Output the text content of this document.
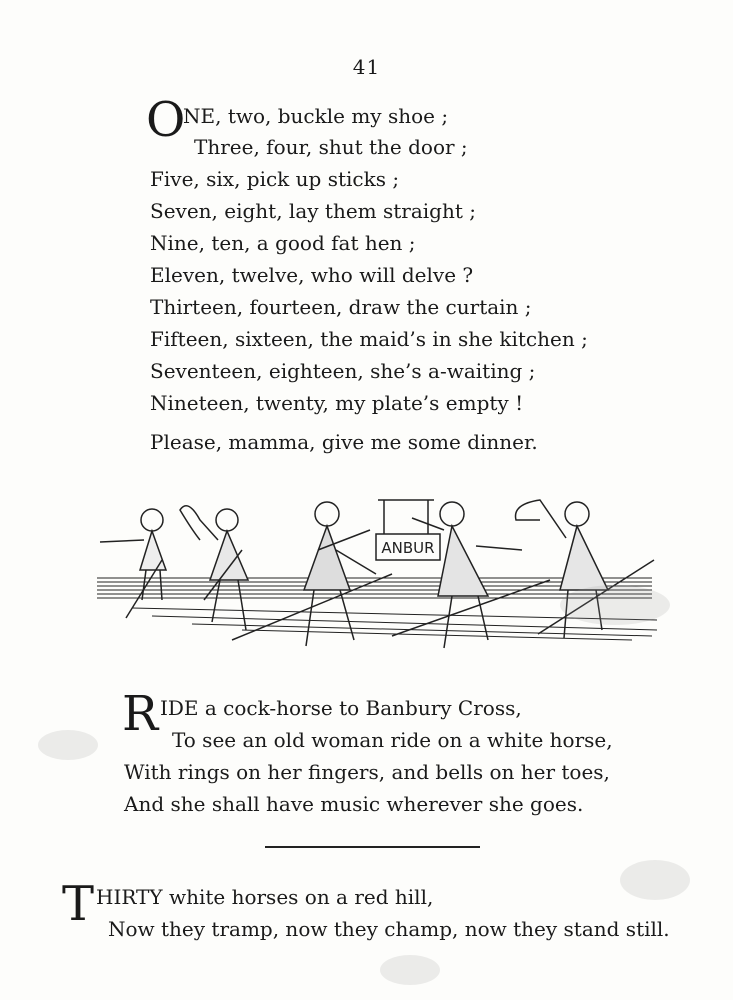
41
O
NE, two, buckle my shoe ;
Three, four, shut the door ;
Five, six, pick up sticks ;
Seven, eight, lay them straight ;
Nine, ten, a good fat hen ;
Eleven, twelve, who will delve ?
Thirteen, fourteen, draw the curtain ;
Fifteen, sixteen, the maid’s in she kitchen ;
Seventeen, eighteen, she’s a-waiting ;
Nineteen, twenty, my plate’s empty !
Please, mamma, give me some dinner.
ANBUR
R IDE a cock-horse to Banbury Cross,
To see an old woman ride on a white horse,
With rings on her fingers, and bells on her toes,
And she shall have music wherever she goes.
T HIRTY white horses on a red hill,
Now they tramp, now they champ, now they stand still.
